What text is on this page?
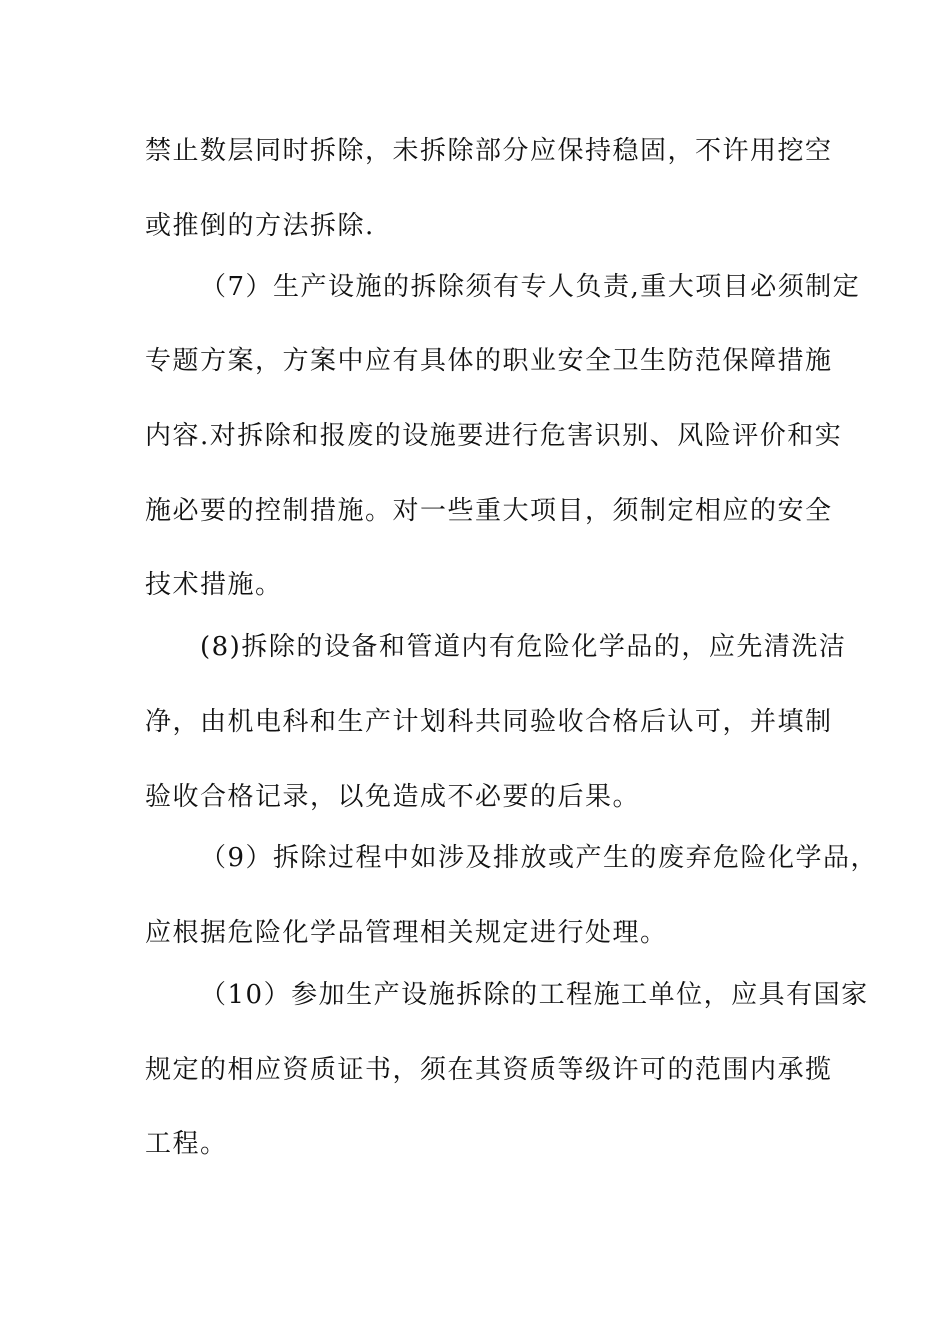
禁止数层同时拆除，未拆除部分应保持稳固，不许用挖空
或推倒的方法拆除.
（7）生产设施的拆除须有专人负责,重大项目必须制定
专题方案，方案中应有具体的职业安全卫生防范保障措施
内容.对拆除和报废的设施要进行危害识别、风险评价和实
施必要的控制措施。对一些重大项目，须制定相应的安全
技术措施。
(8)拆除的设备和管道内有危险化学品的，应先清洗洁
净，由机电科和生产计划科共同验收合格后认可，并填制
验收合格记录，以免造成不必要的后果。
（9）拆除过程中如涉及排放或产生的废弃危险化学品，
应根据危险化学品管理相关规定进行处理。
（10）参加生产设施拆除的工程施工单位，应具有国家
规定的相应资质证书，须在其资质等级许可的范围内承揽
工程。
